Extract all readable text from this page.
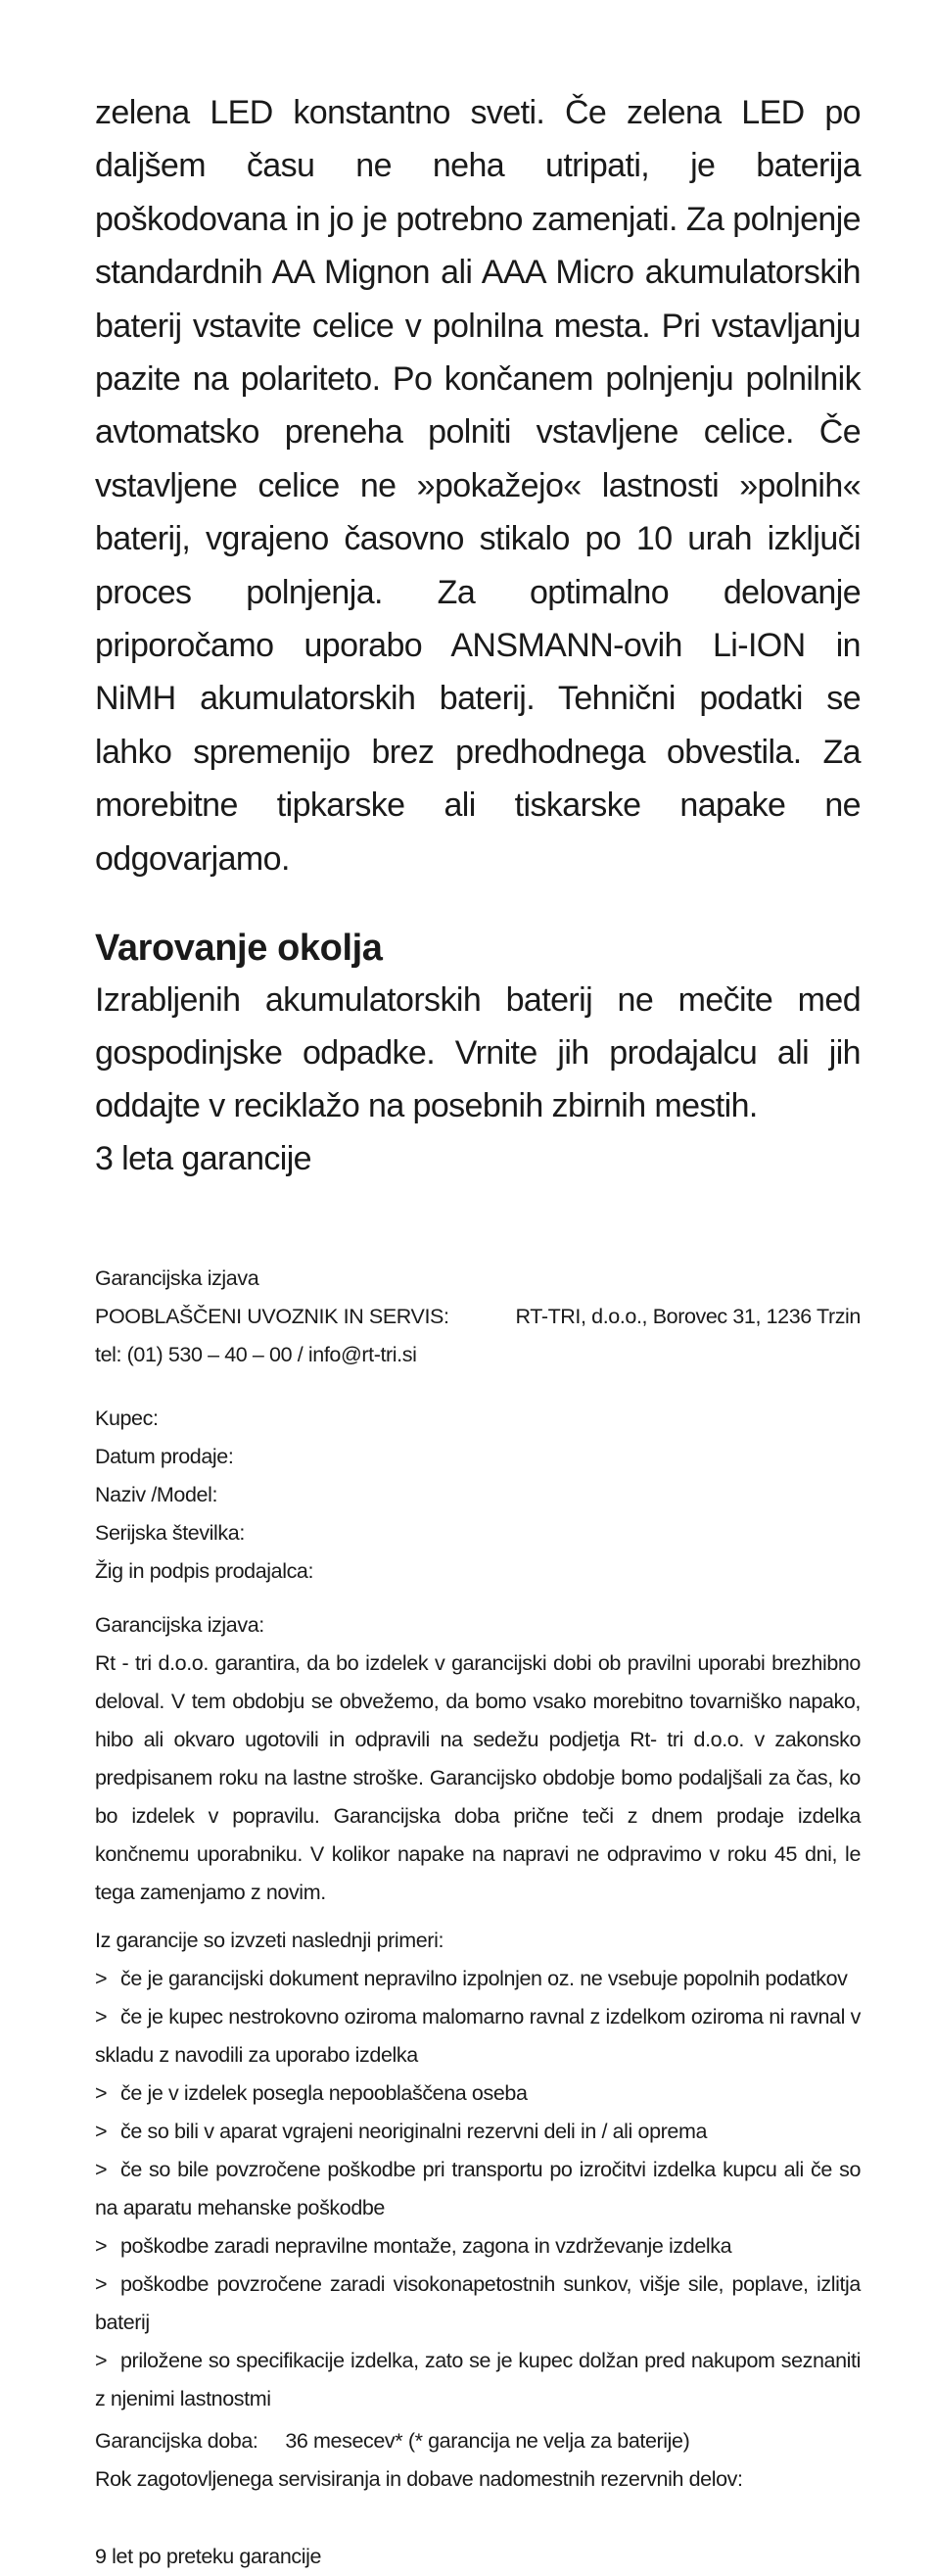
zelena LED konstantno sveti. Če zelena LED po daljšem času ne neha utripati, je baterija poškodovana in jo je potrebno zamenjati. Za polnjenje standardnih AA Mignon ali AAA Micro akumulatorskih baterij vstavite celice v polnilna mesta. Pri vstavljanju pazite na polariteto. Po končanem polnjenju polnilnik avtomatsko preneha polniti vstavljene celice. Če vstavljene celice ne »pokažejo« lastnosti »polnih« baterij, vgrajeno časovno stikalo po 10 urah izključi proces polnjenja. Za optimalno delovanje priporočamo uporabo ANSMANN-ovih Li-ION in NiMH akumulatorskih baterij. Tehnični podatki se lahko spremenijo brez predhodnega obvestila. Za morebitne tipkarske ali tiskarske napake ne odgovarjamo.

Varovanje okolja

Izrabljenih akumulatorskih baterij ne mečite med gospodinjske odpadke. Vrnite jih prodajalcu ali jih oddajte v reciklažo na posebnih zbirnih mestih.

3 leta garancije

Garancijska izjava
POOBLAŠČENI UVOZNIK IN SERVIS:	RT-TRI, d.o.o., Borovec 31, 1236 Trzin
tel: (01) 530 – 40 – 00 / info@rt-tri.si
Kupec:
Datum prodaje:
Naziv /Model:
Serijska številka:
Žig in podpis prodajalca:
Garancijska izjava:
Rt - tri d.o.o. garantira, da bo izdelek v garancijski dobi ob pravilni uporabi brezhibno deloval. V tem obdobju se obvežemo, da bomo vsako morebitno tovarniško napako, hibo ali okvaro ugotovili in odpravili na sedežu podjetja Rt- tri d.o.o. v zakonsko predpisanem roku na lastne stroške. Garancijsko obdobje bomo podaljšali za čas, ko bo izdelek v popravilu. Garancijska doba prične teči z dnem prodaje izdelka končnemu uporabniku. V kolikor napake na napravi ne odpravimo v roku 45 dni, le tega zamenjamo z novim.
Iz garancije so izvzeti naslednji primeri:
> če je garancijski dokument nepravilno izpolnjen oz. ne vsebuje popolnih podatkov
> če je kupec nestrokovno oziroma malomarno ravnal z izdelkom oziroma ni ravnal v skladu z navodili za uporabo izdelka
> če je v izdelek posegla nepooblaščena oseba
> če so bili v aparat vgrajeni neoriginalni rezervni deli in / ali oprema
> če so bile povzročene poškodbe pri transportu po izročitvi izdelka kupcu ali če so na aparatu mehanske poškodbe
> poškodbe zaradi nepravilne montaže, zagona in vzdrževanje izdelka
> poškodbe povzročene zaradi visokonapetostnih sunkov, višje sile, poplave, izlitja baterij
> priložene so specifikacije izdelka, zato se je kupec dolžan pred nakupom seznaniti z njenimi lastnostmi
Garancijska doba:     36 mesecev* (* garancija ne velja za baterije)
Rok zagotovljenega servisiranja in dobave nadomestnih rezervnih delov:
9 let po preteku garancije
